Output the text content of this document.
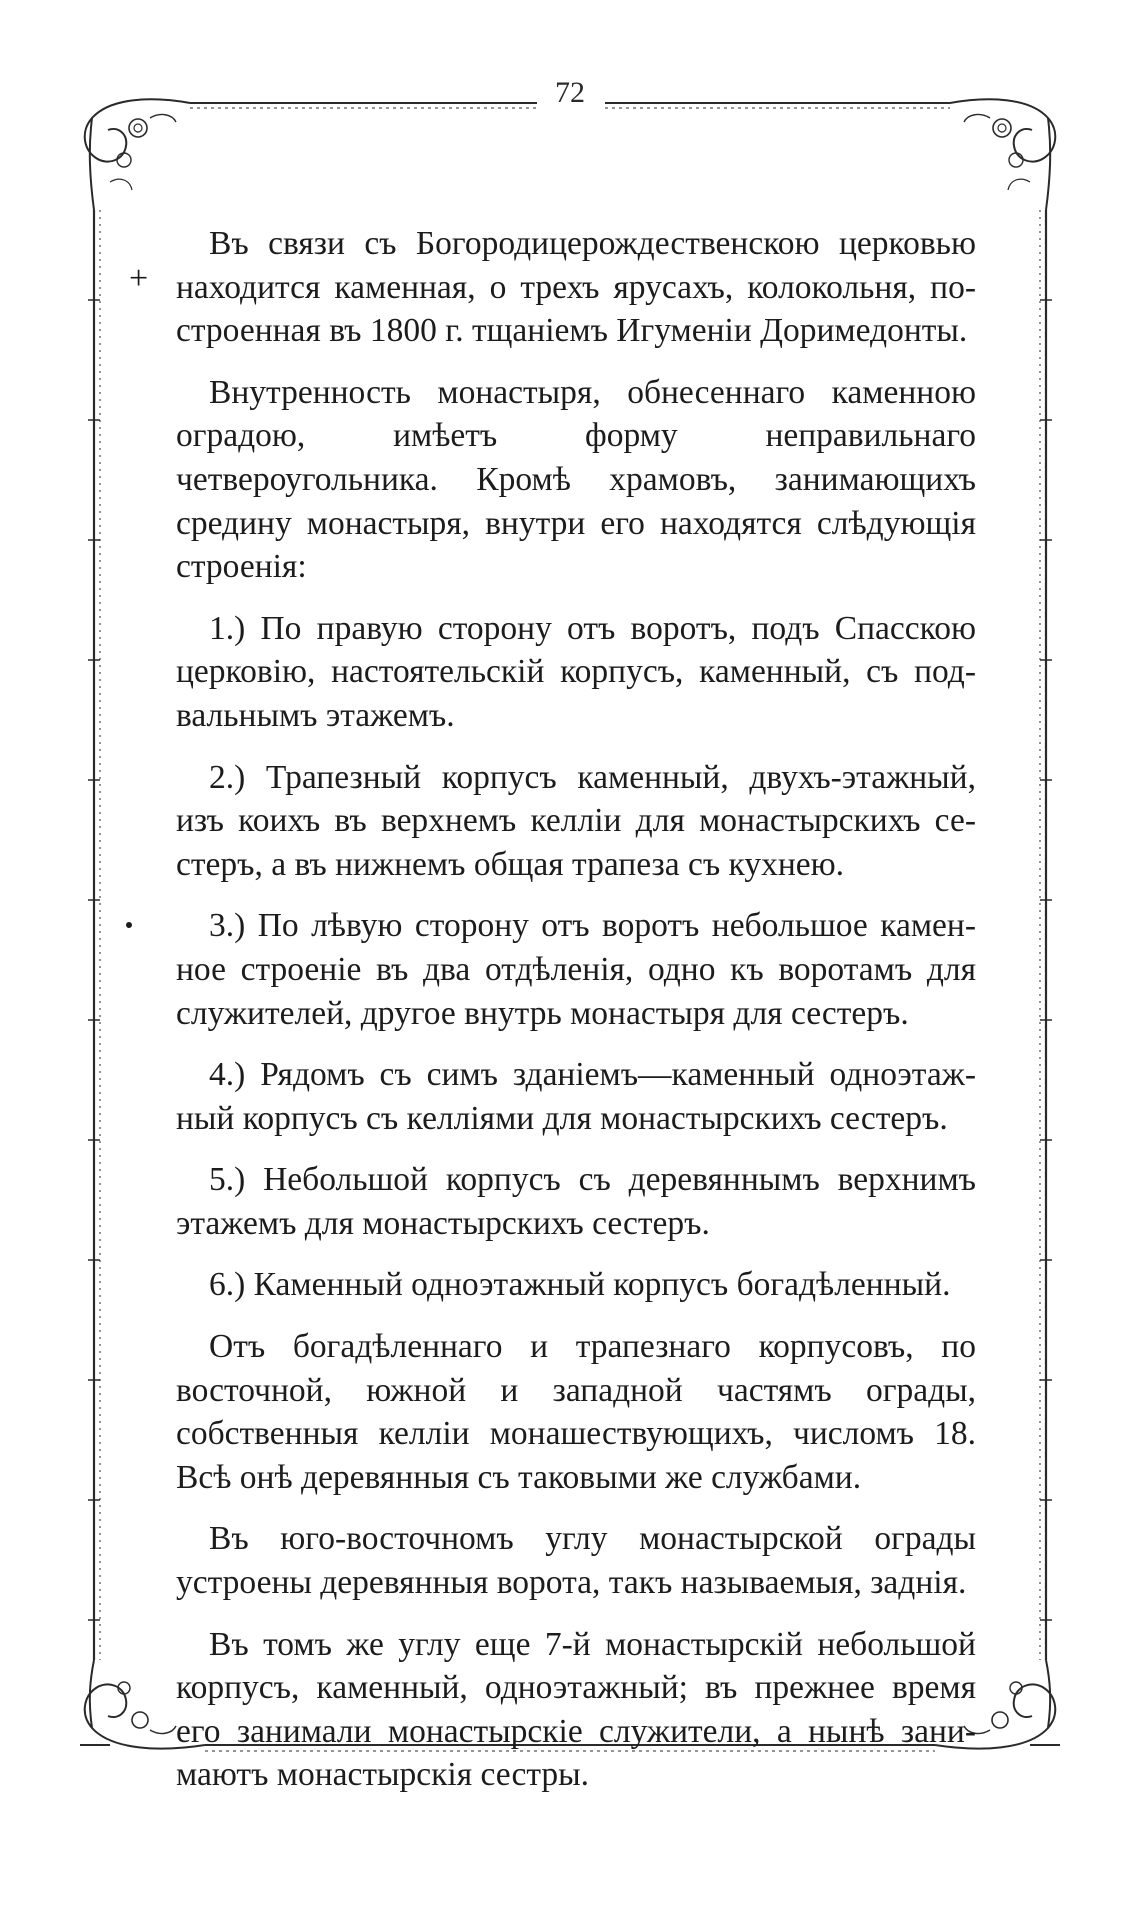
72
+

Въ связи съ Богородицерождественскою церковью находится каменная, о трехъ ярусахъ, колокольня, построенная въ 1800 г. тщаніемъ Игуменіи Доримедонты.

Внутренность монастыря, обнесеннаго каменною оградою, имѣетъ форму неправильнаго четвероугольника. Кромѣ храмовъ, занимающихъ средину монастыря, внутри его находятся слѣдующія строенія:

1.) По правую сторону отъ воротъ, подъ Спасскою церковію, настоятельскій корпусъ, каменный, съ подвальнымъ этажемъ.

2.) Трапезный корпусъ каменный, двухъ-этажный, изъ коихъ въ верхнемъ келліи для монастырскихъ сестеръ, а въ нижнемъ общая трапеза съ кухнею.

3.) По лѣвую сторону отъ воротъ небольшое каменное строеніе въ два отдѣленія, одно къ воротамъ для служителей, другое внутрь монастыря для сестеръ.

4.) Рядомъ съ симъ зданіемъ—каменный одноэтажный корпусъ съ келліями для монастырскихъ сестеръ.

5.) Небольшой корпусъ съ деревяннымъ верхнимъ этажемъ для монастырскихъ сестеръ.

6.) Каменный одноэтажный корпусъ богадѣленный.

Отъ богадѣленнаго и трапезнаго корпусовъ, по восточной, южной и западной частямъ ограды, собственныя келліи монашествующихъ, числомъ 18. Всѣ онѣ деревянныя съ таковыми же службами.

Въ юго-восточномъ углу монастырской ограды устроены деревянныя ворота, такъ называемыя, заднія.

Въ томъ же углу еще 7-й монастырскій небольшой корпусъ, каменный, одноэтажный; въ прежнее время его занимали монастырскіе служители, а нынѣ занимаютъ монастырскія сестры.
